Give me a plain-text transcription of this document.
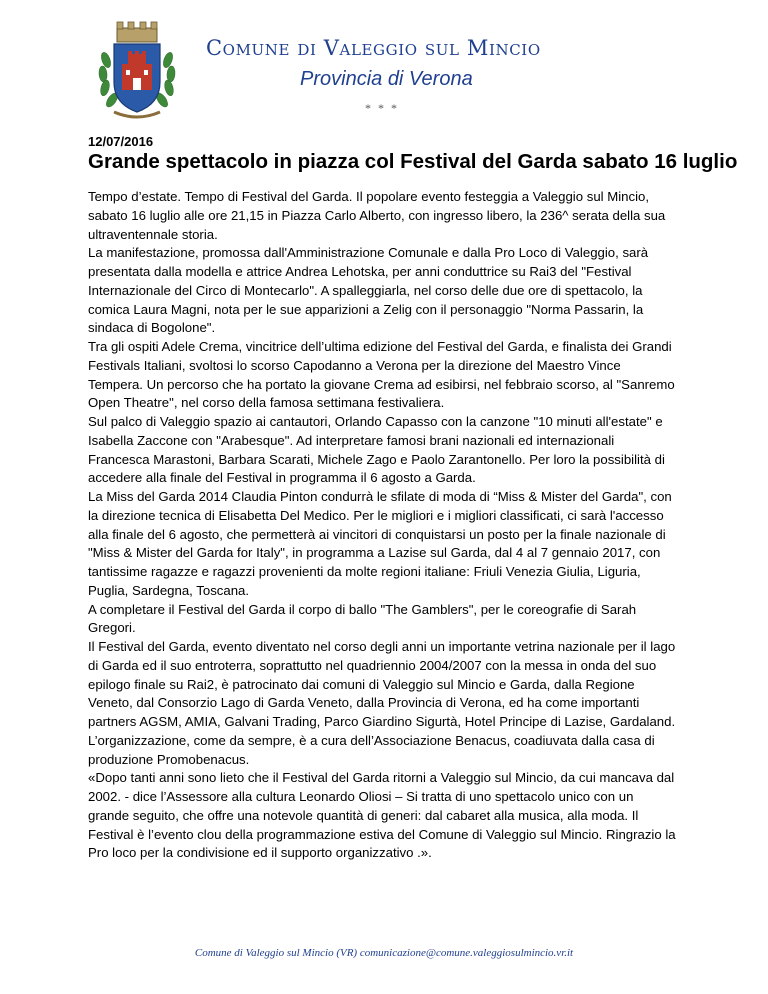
Comune di Valeggio sul Mincio
Provincia di Verona
* * *
12/07/2016
Grande spettacolo in piazza col Festival del Garda sabato 16 luglio

Tempo d’estate. Tempo di Festival del Garda. Il popolare evento festeggia a Valeggio sul Mincio, sabato 16 luglio alle ore 21,15 in Piazza Carlo Alberto, con ingresso libero, la 236^ serata della sua ultraventennale storia.

La manifestazione, promossa dall'Amministrazione Comunale e dalla Pro Loco di Valeggio, sarà presentata dalla modella e attrice Andrea Lehotska, per anni conduttrice su Rai3 del "Festival Internazionale del Circo di Montecarlo". A spalleggiarla, nel corso delle due ore di spettacolo, la comica Laura Magni, nota per le sue apparizioni a Zelig con il personaggio "Norma Passarin, la sindaca di Bogolone".

Tra gli ospiti Adele Crema, vincitrice dell’ultima edizione del Festival del Garda, e finalista dei Grandi Festivals Italiani, svoltosi lo scorso Capodanno a Verona per la direzione del Maestro Vince Tempera. Un percorso che ha portato la giovane Crema ad esibirsi, nel febbraio scorso, al "Sanremo Open Theatre", nel corso della famosa settimana festivaliera.

Sul palco di Valeggio spazio ai cantautori, Orlando Capasso con la canzone "10 minuti all'estate" e Isabella Zaccone con "Arabesque". Ad interpretare famosi brani nazionali ed internazionali Francesca Marastoni, Barbara Scarati, Michele Zago e Paolo Zarantonello. Per loro la possibilità di accedere alla finale del Festival in programma il 6 agosto a Garda.

La Miss del Garda 2014 Claudia Pinton condurrà le sfilate di moda di “Miss & Mister del Garda", con la direzione tecnica di Elisabetta Del Medico. Per le migliori e i migliori classificati, ci sarà l'accesso alla finale del 6 agosto, che permetterà ai vincitori di conquistarsi un posto per la finale nazionale di "Miss & Mister del Garda for Italy", in programma a Lazise sul Garda, dal 4 al 7 gennaio 2017, con tantissime ragazze e ragazzi provenienti da molte regioni italiane: Friuli Venezia Giulia, Liguria, Puglia, Sardegna, Toscana.

A completare il Festival del Garda il corpo di ballo "The Gamblers", per le coreografie di Sarah Gregori.

Il Festival del Garda, evento diventato nel corso degli anni un importante vetrina nazionale per il lago di Garda ed il suo entroterra, soprattutto nel quadriennio 2004/2007 con la messa in onda del suo epilogo finale su Rai2, è patrocinato dai comuni di Valeggio sul Mincio e Garda, dalla Regione Veneto, dal Consorzio Lago di Garda Veneto, dalla Provincia di Verona, ed ha come importanti partners AGSM, AMIA, Galvani Trading, Parco Giardino Sigurtà, Hotel Principe di Lazise, Gardaland. L’organizzazione, come da sempre, è a cura dell’Associazione Benacus, coadiuvata dalla casa di produzione Promobenacus.

«Dopo tanti anni sono lieto che il Festival del Garda ritorni a Valeggio sul Mincio, da cui mancava dal 2002. - dice l’Assessore alla cultura Leonardo Oliosi – Si tratta di uno spettacolo unico con un grande seguito, che offre una notevole quantità di generi: dal cabaret alla musica, alla moda. Il Festival è l’evento clou della programmazione estiva del Comune di Valeggio sul Mincio. Ringrazio la Pro loco per la condivisione ed il supporto organizzativo .».

Comune di Valeggio sul Mincio (VR) comunicazione@comune.valeggiosulmincio.vr.it
